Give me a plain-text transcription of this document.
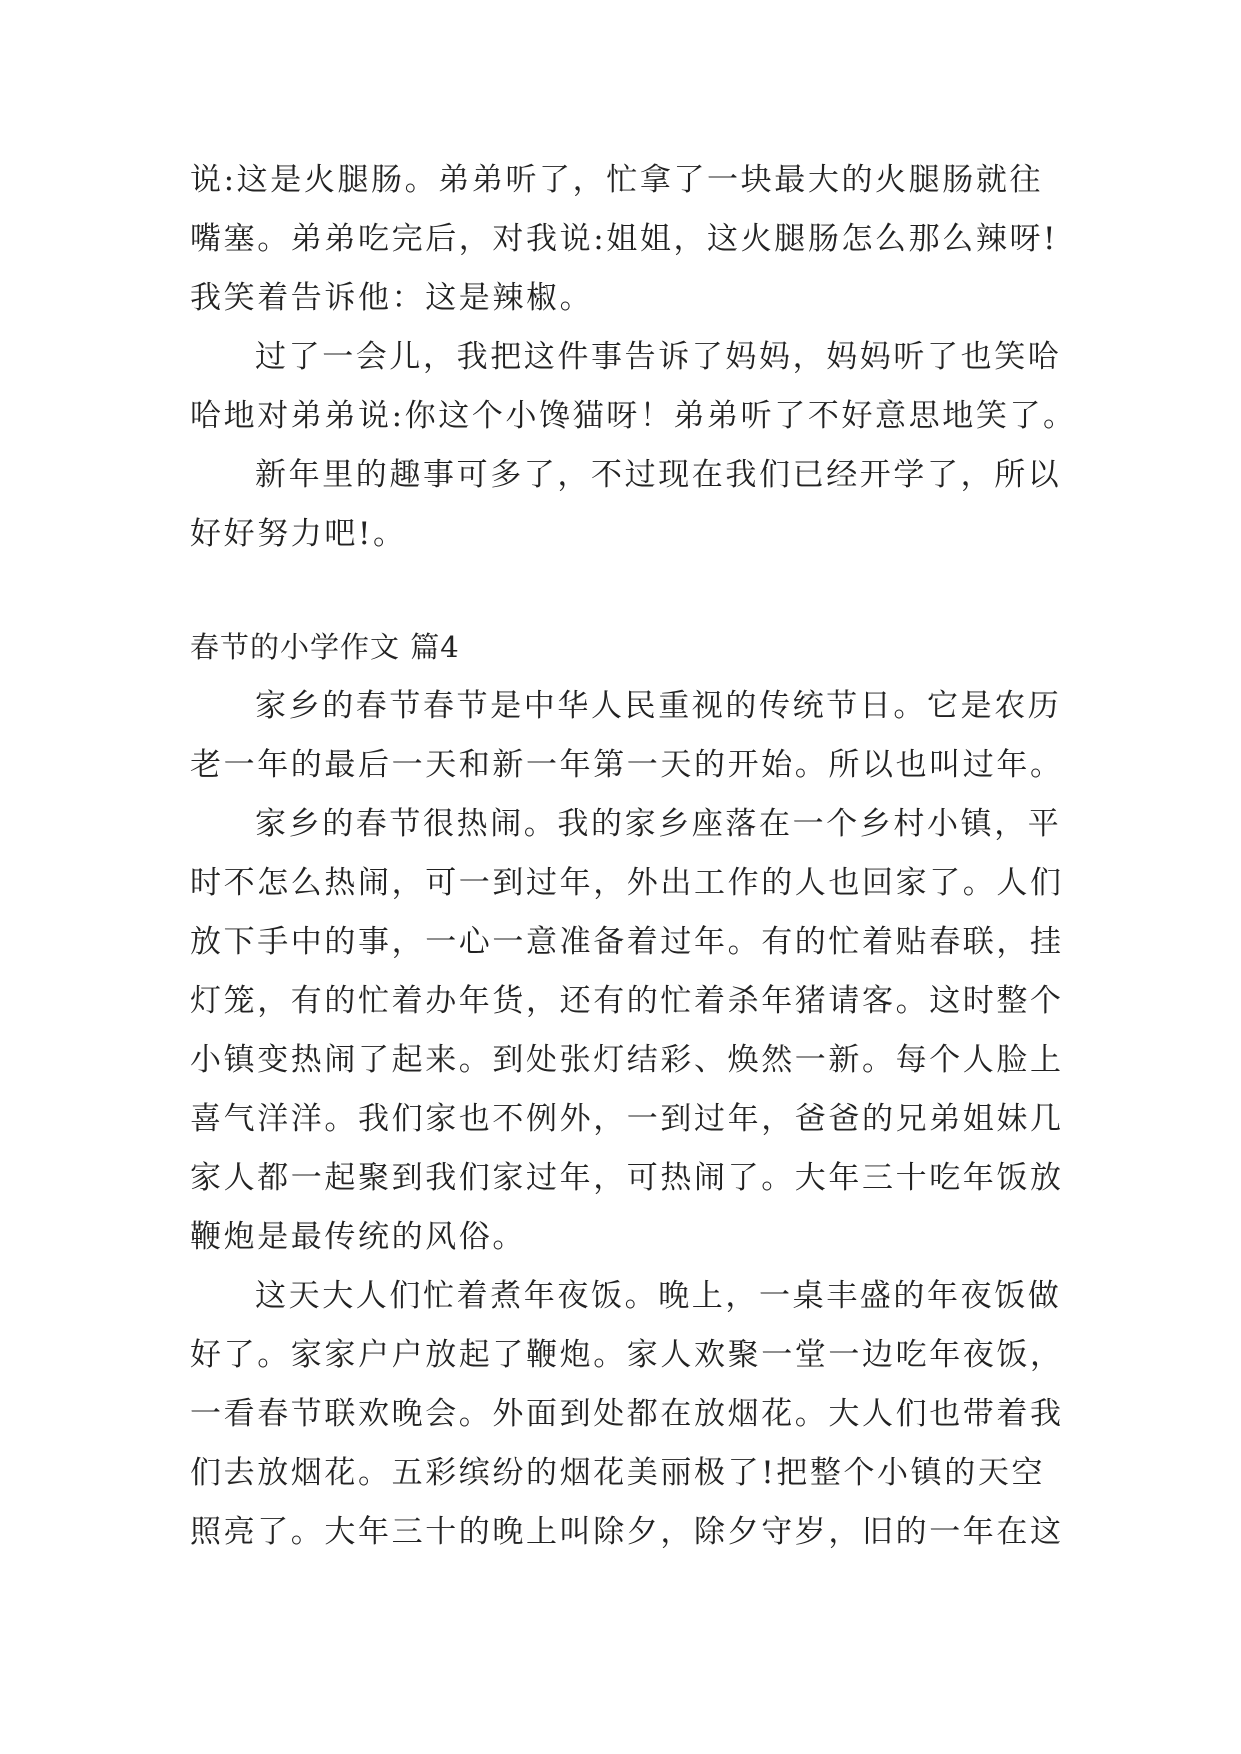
说:这是火腿肠。弟弟听了，忙拿了一块最大的火腿肠就往
嘴塞。弟弟吃完后，对我说:姐姐，这火腿肠怎么那么辣呀!
我笑着告诉他：这是辣椒。
过了一会儿，我把这件事告诉了妈妈，妈妈听了也笑哈
哈地对弟弟说:你这个小馋猫呀！弟弟听了不好意思地笑了。
新年里的趣事可多了，不过现在我们已经开学了，所以
好好努力吧!。
春节的小学作文 篇4
家乡的春节春节是中华人民重视的传统节日。它是农历
老一年的最后一天和新一年第一天的开始。所以也叫过年。
家乡的春节很热闹。我的家乡座落在一个乡村小镇，平
时不怎么热闹，可一到过年，外出工作的人也回家了。人们
放下手中的事，一心一意准备着过年。有的忙着贴春联，挂
灯笼，有的忙着办年货，还有的忙着杀年猪请客。这时整个
小镇变热闹了起来。到处张灯结彩、焕然一新。每个人脸上
喜气洋洋。我们家也不例外，一到过年，爸爸的兄弟姐妹几
家人都一起聚到我们家过年，可热闹了。大年三十吃年饭放
鞭炮是最传统的风俗。
这天大人们忙着煮年夜饭。晚上，一桌丰盛的年夜饭做
好了。家家户户放起了鞭炮。家人欢聚一堂一边吃年夜饭，
一看春节联欢晚会。外面到处都在放烟花。大人们也带着我
们去放烟花。五彩缤纷的烟花美丽极了!把整个小镇的天空
照亮了。大年三十的晚上叫除夕，除夕守岁，旧的一年在这
